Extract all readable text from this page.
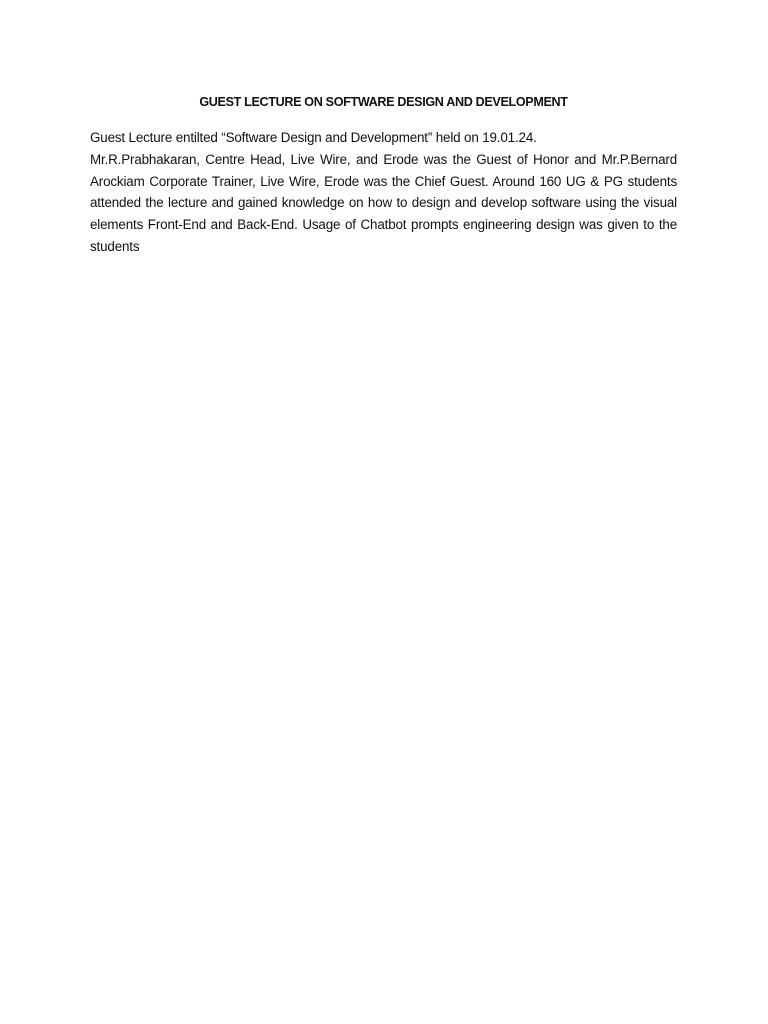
GUEST LECTURE ON SOFTWARE DESIGN AND DEVELOPMENT

Guest Lecture entilted “Software Design and Development” held on 19.01.24.

Mr.R.Prabhakaran, Centre Head, Live Wire, and Erode was the Guest of Honor and Mr.P.Bernard Arockiam Corporate Trainer, Live Wire, Erode was the Chief Guest. Around 160 UG & PG students attended the lecture and gained knowledge on how to design and develop software using the visual elements Front-End and Back-End. Usage of Chatbot prompts engineering design was given to the students
